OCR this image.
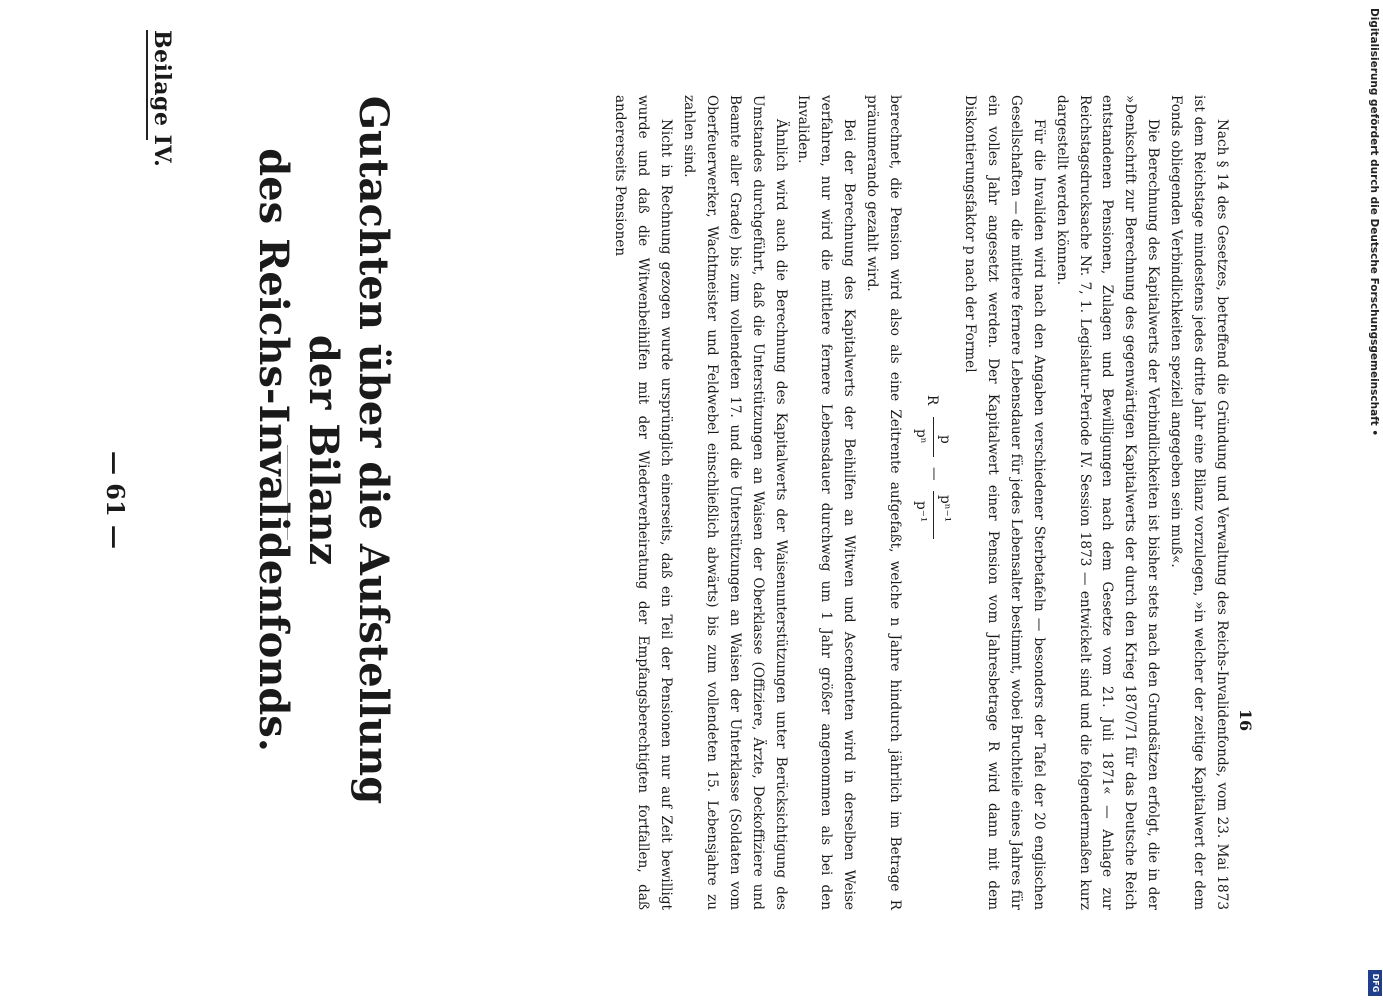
Digitalisierung gefördert durch die Deutsche Forschungsgemeinschaft •
DFG
16

Nach § 14 des Gesetzes, betreffend die Gründung und Verwaltung des Reichs-Invalidenfonds, vom 23. Mai 1873 ist dem Reichstage mindestens jedes dritte Jahr eine Bilanz vorzulegen, »in welcher der zeitige Kapitalwert der dem Fonds obliegenden Verbindlichkeiten speziell angegeben sein muß«.

Die Berechnung des Kapitalwerts der Verbindlichkeiten ist bisher stets nach den Grundsätzen erfolgt, die in der »Denkschrift zur Berechnung des gegenwärtigen Kapitalwerts der durch den Krieg 1870/71 für das Deutsche Reich entstandenen Pensionen, Zulagen und Bewilligungen nach dem Gesetze vom 21. Juli 1871« — Anlage zur Reichstagsdrucksache Nr. 7, 1. Legislatur-Periode IV. Session 1873 — entwickelt sind und die folgendermaßen kurz dargestellt werden können.

Für die Invaliden wird nach den Angaben verschiedener Sterbetafeln — besonders der Tafel der 20 englischen Gesellschaften — die mittlere fernere Lebensdauer für jedes Lebensalter bestimmt, wobei Bruchteile eines Jahres für ein volles Jahr angesetzt werden. Der Kapitalwert einer Pension vom Jahresbetrage R wird dann mit dem Diskontierungsfaktor p nach der Formel

R
p
pⁿ
—
pⁿ⁻¹
p⁻¹

berechnet, die Pension wird also als eine Zeitrente aufgefaßt, welche n Jahre hindurch jährlich im Betrage R pränumerando gezahlt wird.

Bei der Berechnung des Kapitalwerts der Beihilfen an Witwen und Ascendenten wird in derselben Weise verfahren, nur wird die mittlere fernere Lebensdauer durchweg um 1 Jahr größer angenommen als bei den Invaliden.

Ähnlich wird auch die Berechnung des Kapitalwerts der Waisenunterstützungen unter Berücksichtigung des Umstandes durchgeführt, daß die Unterstützungen an Waisen der Oberklasse (Offiziere, Ärzte, Deckoffiziere und Beamte aller Grade) bis zum vollendeten 17. und die Unterstützungen an Waisen der Unterklasse (Soldaten vom Oberfeuerwerker, Wachtmeister und Feldwebel einschließlich abwärts) bis zum vollendeten 15. Lebensjahre zu zahlen sind.

Nicht in Rechnung gezogen wurde ursprünglich einerseits, daß ein Teil der Pensionen nur auf Zeit bewilligt wurde und daß die Witwenbeihilfen mit der Wiederverheiratung der Empfangsberechtigten fortfallen, daß andererseits Pensionen

Gutachten über die Aufstellung der Bilanz
des Reichs-Invalidenfonds.
— 61 —
Beilage IV.
